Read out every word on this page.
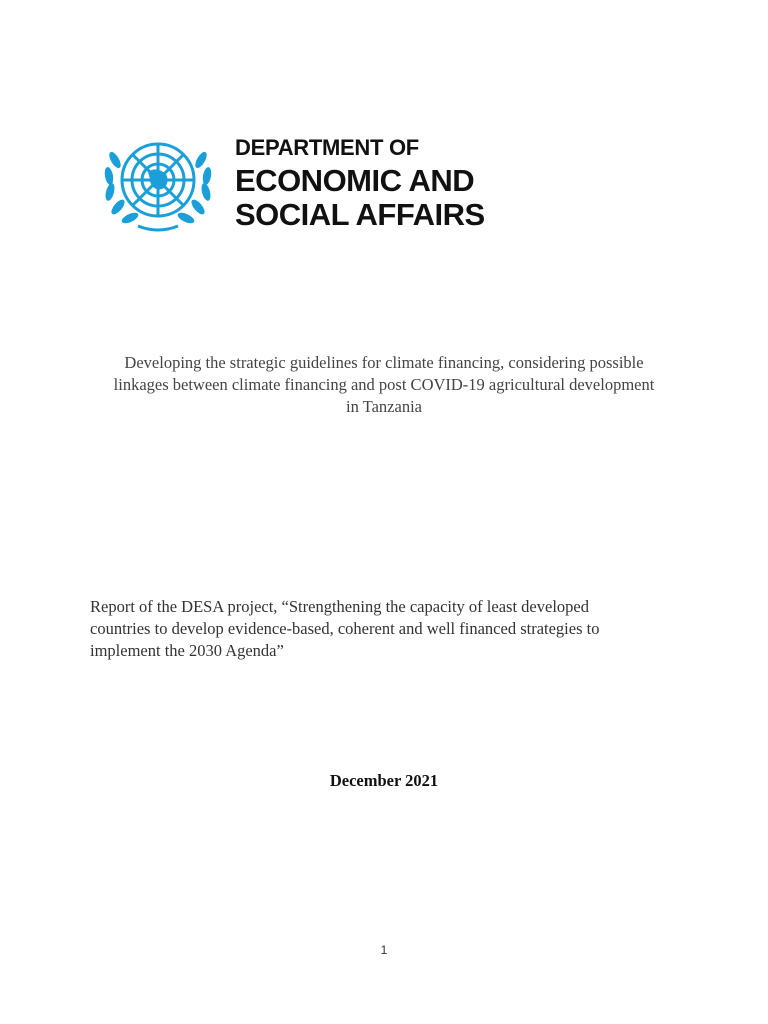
DEPARTMENT OF
ECONOMIC AND
SOCIAL AFFAIRS
Developing the strategic guidelines for climate financing, considering possible
linkages between climate financing and post COVID-19 agricultural development
in Tanzania
Report of the DESA project, “Strengthening the capacity of least developed
countries to develop evidence-based, coherent and well financed strategies to
implement the 2030 Agenda”
December 2021
1
